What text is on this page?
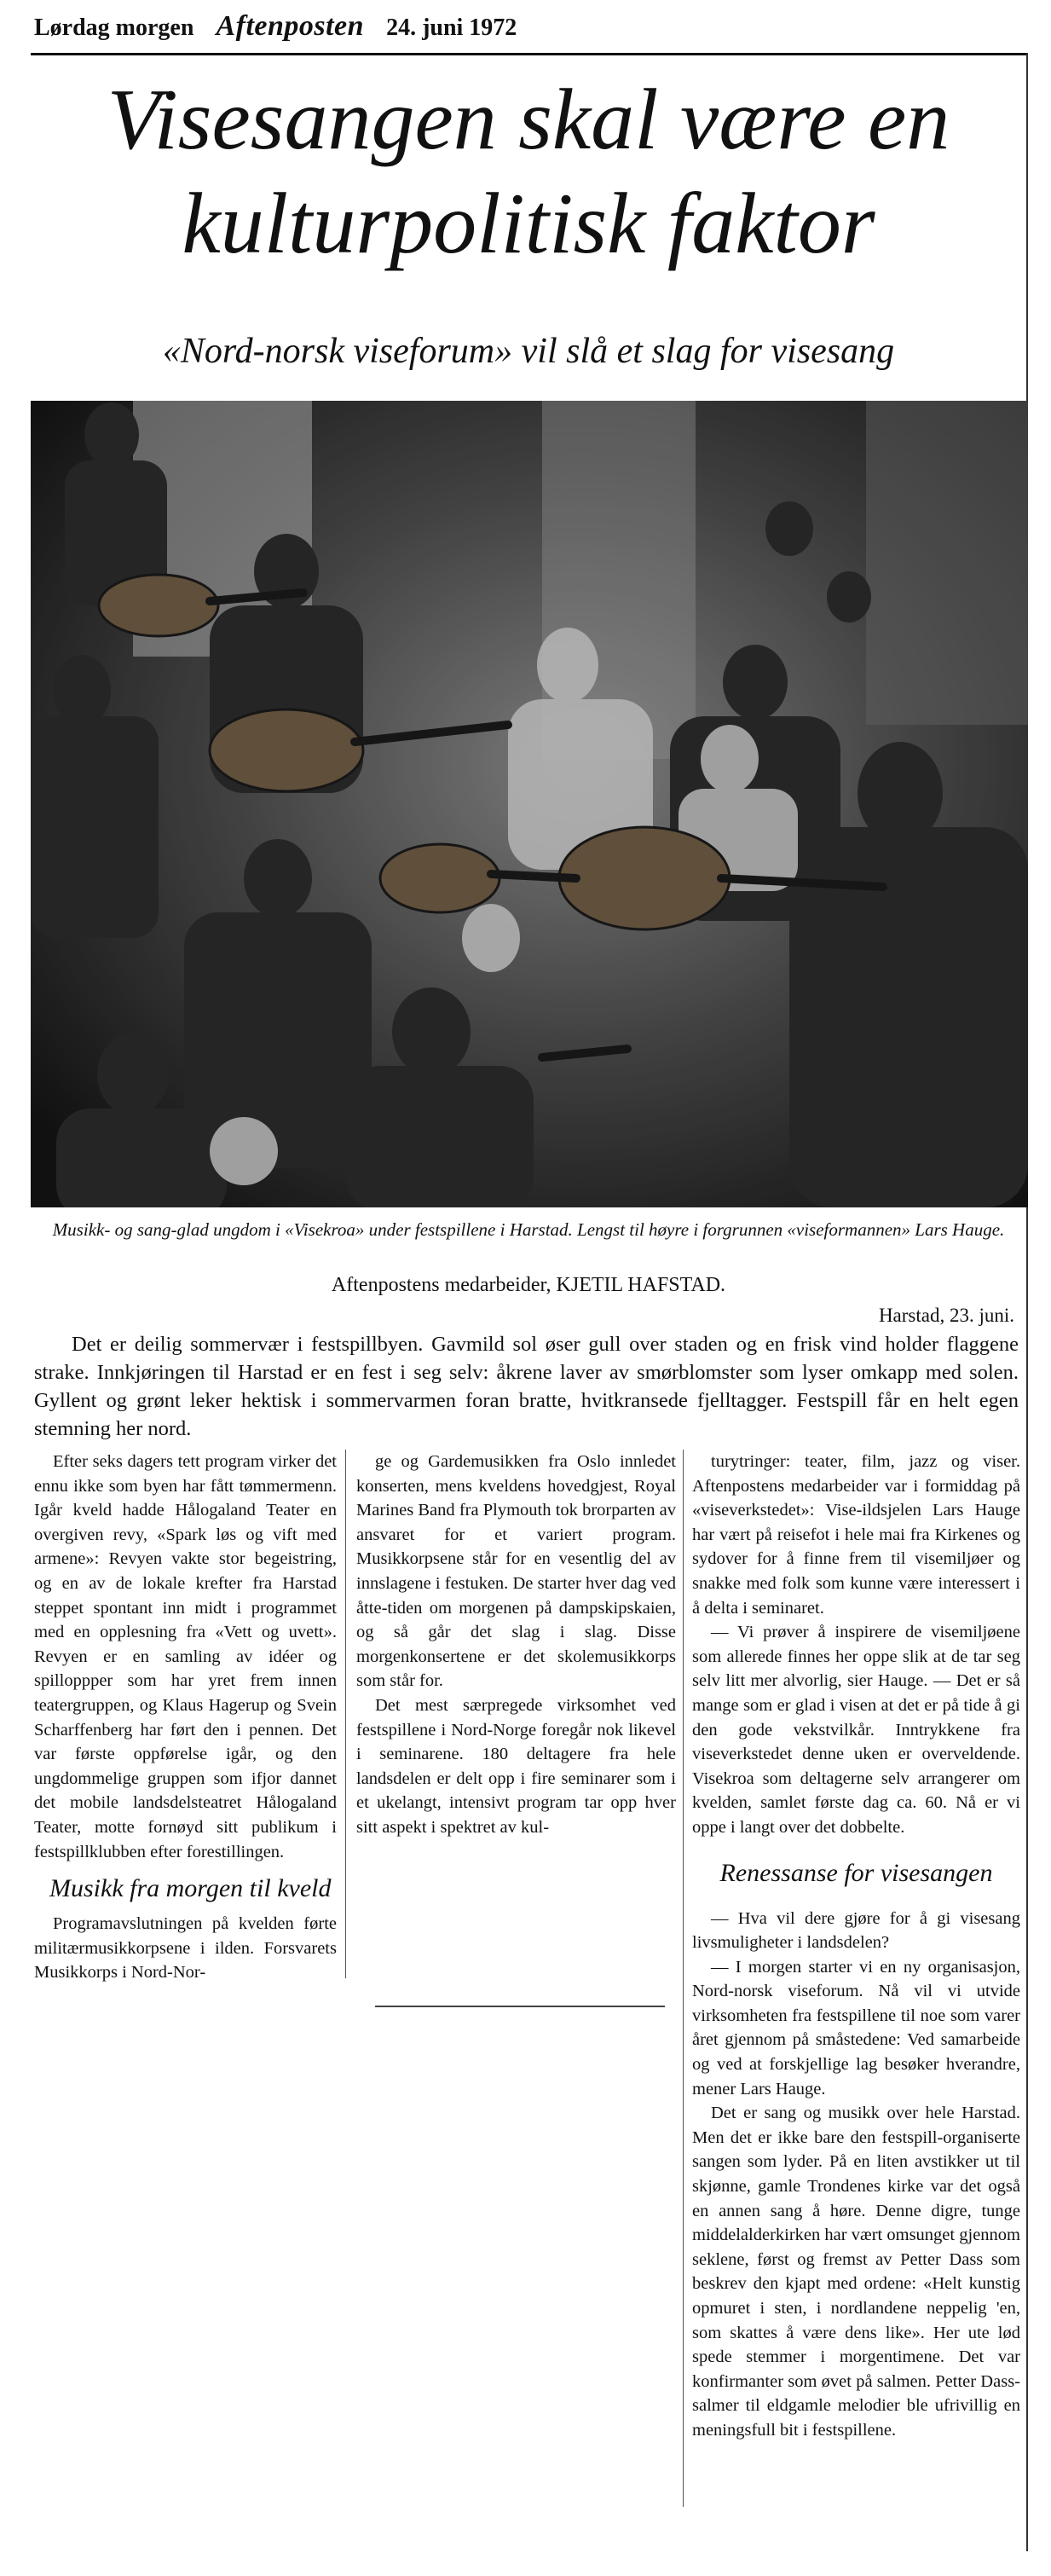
Lørdag morgen Aftenposten 24. juni 1972
Visesangen skal være en
kulturpolitisk faktor
«Nord-norsk viseforum» vil slå et slag for visesang
Musikk- og sang-glad ungdom i «Visekroa» under festspillene i Harstad. Lengst til høyre i forgrunnen «viseformannen» Lars Hauge.
Aftenpostens medarbeider, KJETIL HAFSTAD.
Harstad, 23. juni.

Det er deilig sommervær i festspillbyen. Gavmild sol øser gull over staden og en frisk vind holder flaggene strake. Innkjøringen til Harstad er en fest i seg selv: åkrene laver av smørblomster som lyser omkapp med solen. Gyllent og grønt leker hektisk i sommervarmen foran bratte, hvitkransede fjelltagger. Festspill får en helt egen stemning her nord.

Efter seks dagers tett program virker det ennu ikke som byen har fått tømmermenn. Igår kveld hadde Hålogaland Teater en overgiven revy, «Spark løs og vift med armene»: Revyen vakte stor begeistring, og en av de lokale krefter fra Harstad steppet spontant inn midt i programmet med en opplesning fra «Vett og uvett». Revyen er en samling av idéer og spilloppper som har yret frem innen teatergruppen, og Klaus Hagerup og Svein Scharffenberg har ført den i pennen. Det var første oppførelse igår, og den ungdommelige gruppen som ifjor dannet det mobile landsdelsteatret Hålogaland Teater, motte fornøyd sitt publikum i festspillklubben efter forestillingen.

Musikk fra morgen til kveld

Programavslutningen på kvelden førte militærmusikkorpsene i ilden. Forsvarets Musikkorps i Nord-Nor-

ge og Gardemusikken fra Oslo innledet konserten, mens kveldens hovedgjest, Royal Marines Band fra Plymouth tok brorparten av ansvaret for et variert program. Musikkorpsene står for en vesentlig del av innslagene i festuken. De starter hver dag ved åtte-tiden om morgenen på dampskipskaien, og så går det slag i slag. Disse morgenkonsertene er det skolemusikkorps som står for.

Det mest særpregede virksomhet ved festspillene i Nord-Norge foregår nok likevel i seminarene. 180 deltagere fra hele landsdelen er delt opp i fire seminarer som i et ukelangt, intensivt program tar opp hver sitt aspekt i spektret av kul-

turytringer: teater, film, jazz og viser. Aftenpostens medarbeider var i formiddag på «viseverkstedet»: Vise-ildsjelen Lars Hauge har vært på reisefot i hele mai fra Kirkenes og sydover for å finne frem til visemiljøer og snakke med folk som kunne være interessert i å delta i seminaret.

— Vi prøver å inspirere de visemiljøene som allerede finnes her oppe slik at de tar seg selv litt mer alvorlig, sier Hauge. — Det er så mange som er glad i visen at det er på tide å gi den gode vekstvilkår. Inntrykkene fra viseverkstedet denne uken er overveldende. Visekroa som deltagerne selv arrangerer om kvelden, samlet første dag ca. 60. Nå er vi oppe i langt over det dobbelte.

Renessanse for visesangen

— Hva vil dere gjøre for å gi visesang livsmuligheter i landsdelen?

— I morgen starter vi en ny organisasjon, Nord-norsk viseforum. Nå vil vi utvide virksomheten fra festspillene til noe som varer året gjennom på småstedene: Ved samarbeide og ved at forskjellige lag besøker hverandre, mener Lars Hauge.

Det er sang og musikk over hele Harstad. Men det er ikke bare den festspill-organiserte sangen som lyder. På en liten avstikker ut til skjønne, gamle Trondenes kirke var det også en annen sang å høre. Denne digre, tunge middelalderkirken har vært omsunget gjennom seklene, først og fremst av Petter Dass som beskrev den kjapt med ordene: «Helt kunstig opmuret i sten, i nordlandene neppelig 'en, som skattes å være dens like». Her ute lød spede stemmer i morgentimene. Det var konfirmanter som øvet på salmen. Petter Dass-salmer til eldgamle melodier ble ufrivillig en meningsfull bit i festspillene.
